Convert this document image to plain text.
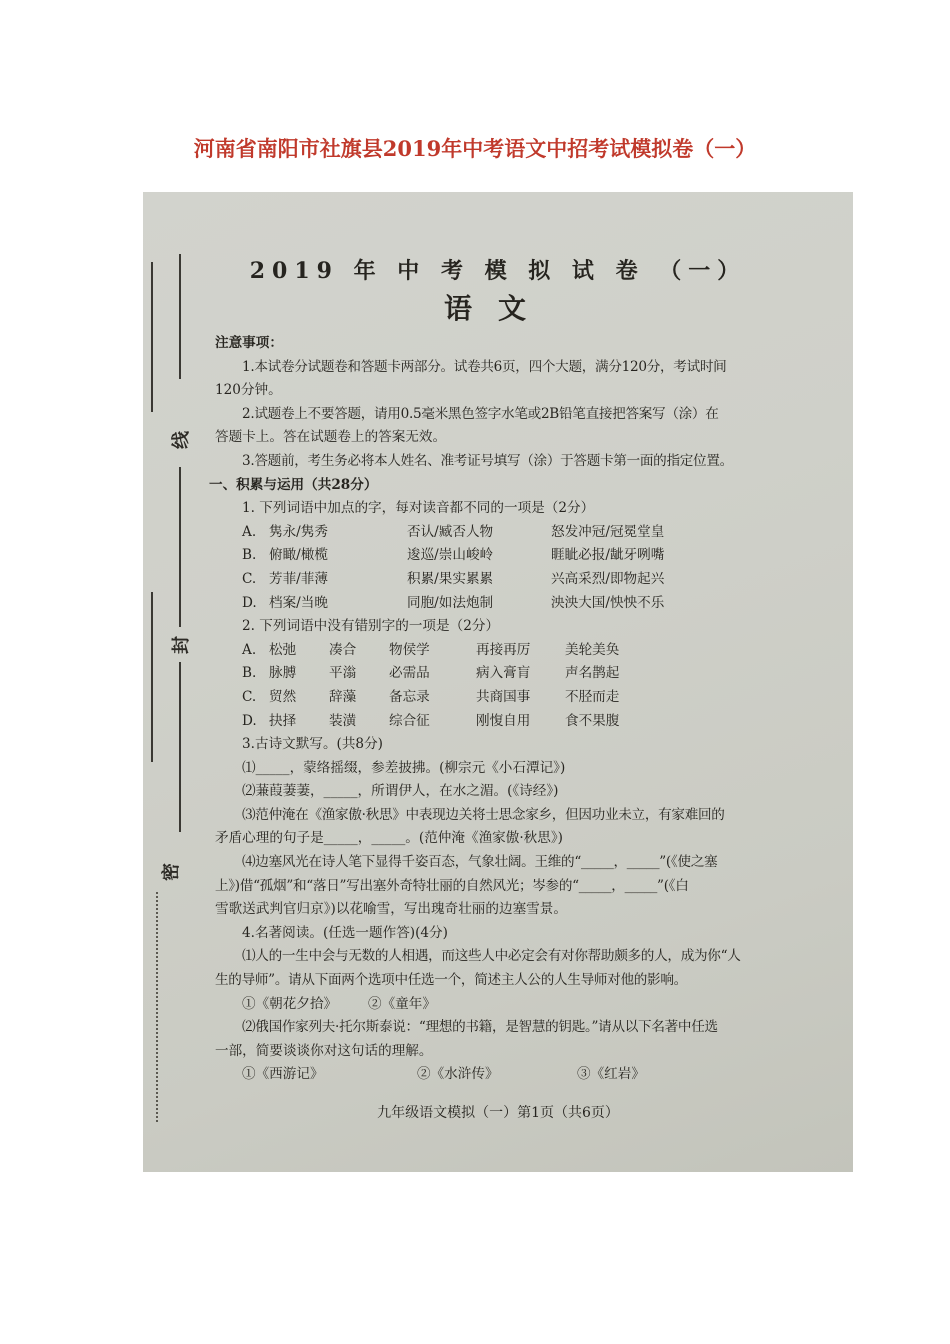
河南省南阳市社旗县2019年中考语文中招考试模拟卷（一）
线
封
密
2019 年 中 考 模 拟 试 卷 （一）
语文
注意事项：
1.本试卷分试题卷和答题卡两部分。试卷共6页，四个大题，满分120分，考试时间
120分钟。
2.试题卷上不要答题，请用0.5毫米黑色签字水笔或2B铅笔直接把答案写（涂）在
答题卡上。答在试题卷上的答案无效。
3.答题前，考生务必将本人姓名、准考证号填写（涂）于答题卡第一面的指定位置。
一、积累与运用（共28分）
1. 下列词语中加点的字，每对读音都不同的一项是（2分）
A. 隽永/隽秀	否认/臧否人物	怒发冲冠/冠冕堂皇
B. 俯瞰/橄榄	逡巡/崇山峻岭	睚眦必报/龇牙咧嘴
C. 芳菲/菲薄	积累/果实累累	兴高采烈/即物起兴
D. 档案/当晚	同胞/如法炮制	泱泱大国/怏怏不乐
2. 下列词语中没有错别字的一项是（2分）
A. 松弛	凑合	物侯学	再接再厉	美轮美奂
B. 脉膊	平滃	必需品	病入膏肓	声名鹊起
C. 贸然	辞藻	备忘录	共商国事	不胫而走
D. 抉择	装潢	综合征	刚愎自用	食不果腹
3.古诗文默写。(共8分)
⑴_____，蒙络摇缀，参差披拂。(柳宗元《小石潭记》)
⑵蒹葭萋萋，_____，所谓伊人，在水之湄。(《诗经》)
⑶范仲淹在《渔家傲·秋思》中表现边关将士思念家乡，但因功业未立，有家难回的
矛盾心理的句子是_____，_____。(范仲淹《渔家傲·秋思》)
⑷边塞风光在诗人笔下显得千姿百态，气象壮阔。王维的“_____，_____”(《使之塞
上》)借“孤烟”和“落日”写出塞外奇特壮丽的自然风光；岑参的“_____，_____”(《白
雪歌送武判官归京》)以花喻雪，写出瑰奇壮丽的边塞雪景。
4.名著阅读。(任选一题作答)(4分)
⑴人的一生中会与无数的人相遇，而这些人中必定会有对你帮助颇多的人，成为你“人
生的导师”。请从下面两个选项中任选一个，简述主人公的人生导师对他的影响。
①《朝花夕拾》	②《童年》
⑵俄国作家列夫·托尔斯泰说：“理想的书籍，是智慧的钥匙。”请从以下名著中任选
一部，简要谈谈你对这句话的理解。
①《西游记》	②《水浒传》	③《红岩》
九年级语文模拟（一）第1页（共6页）
